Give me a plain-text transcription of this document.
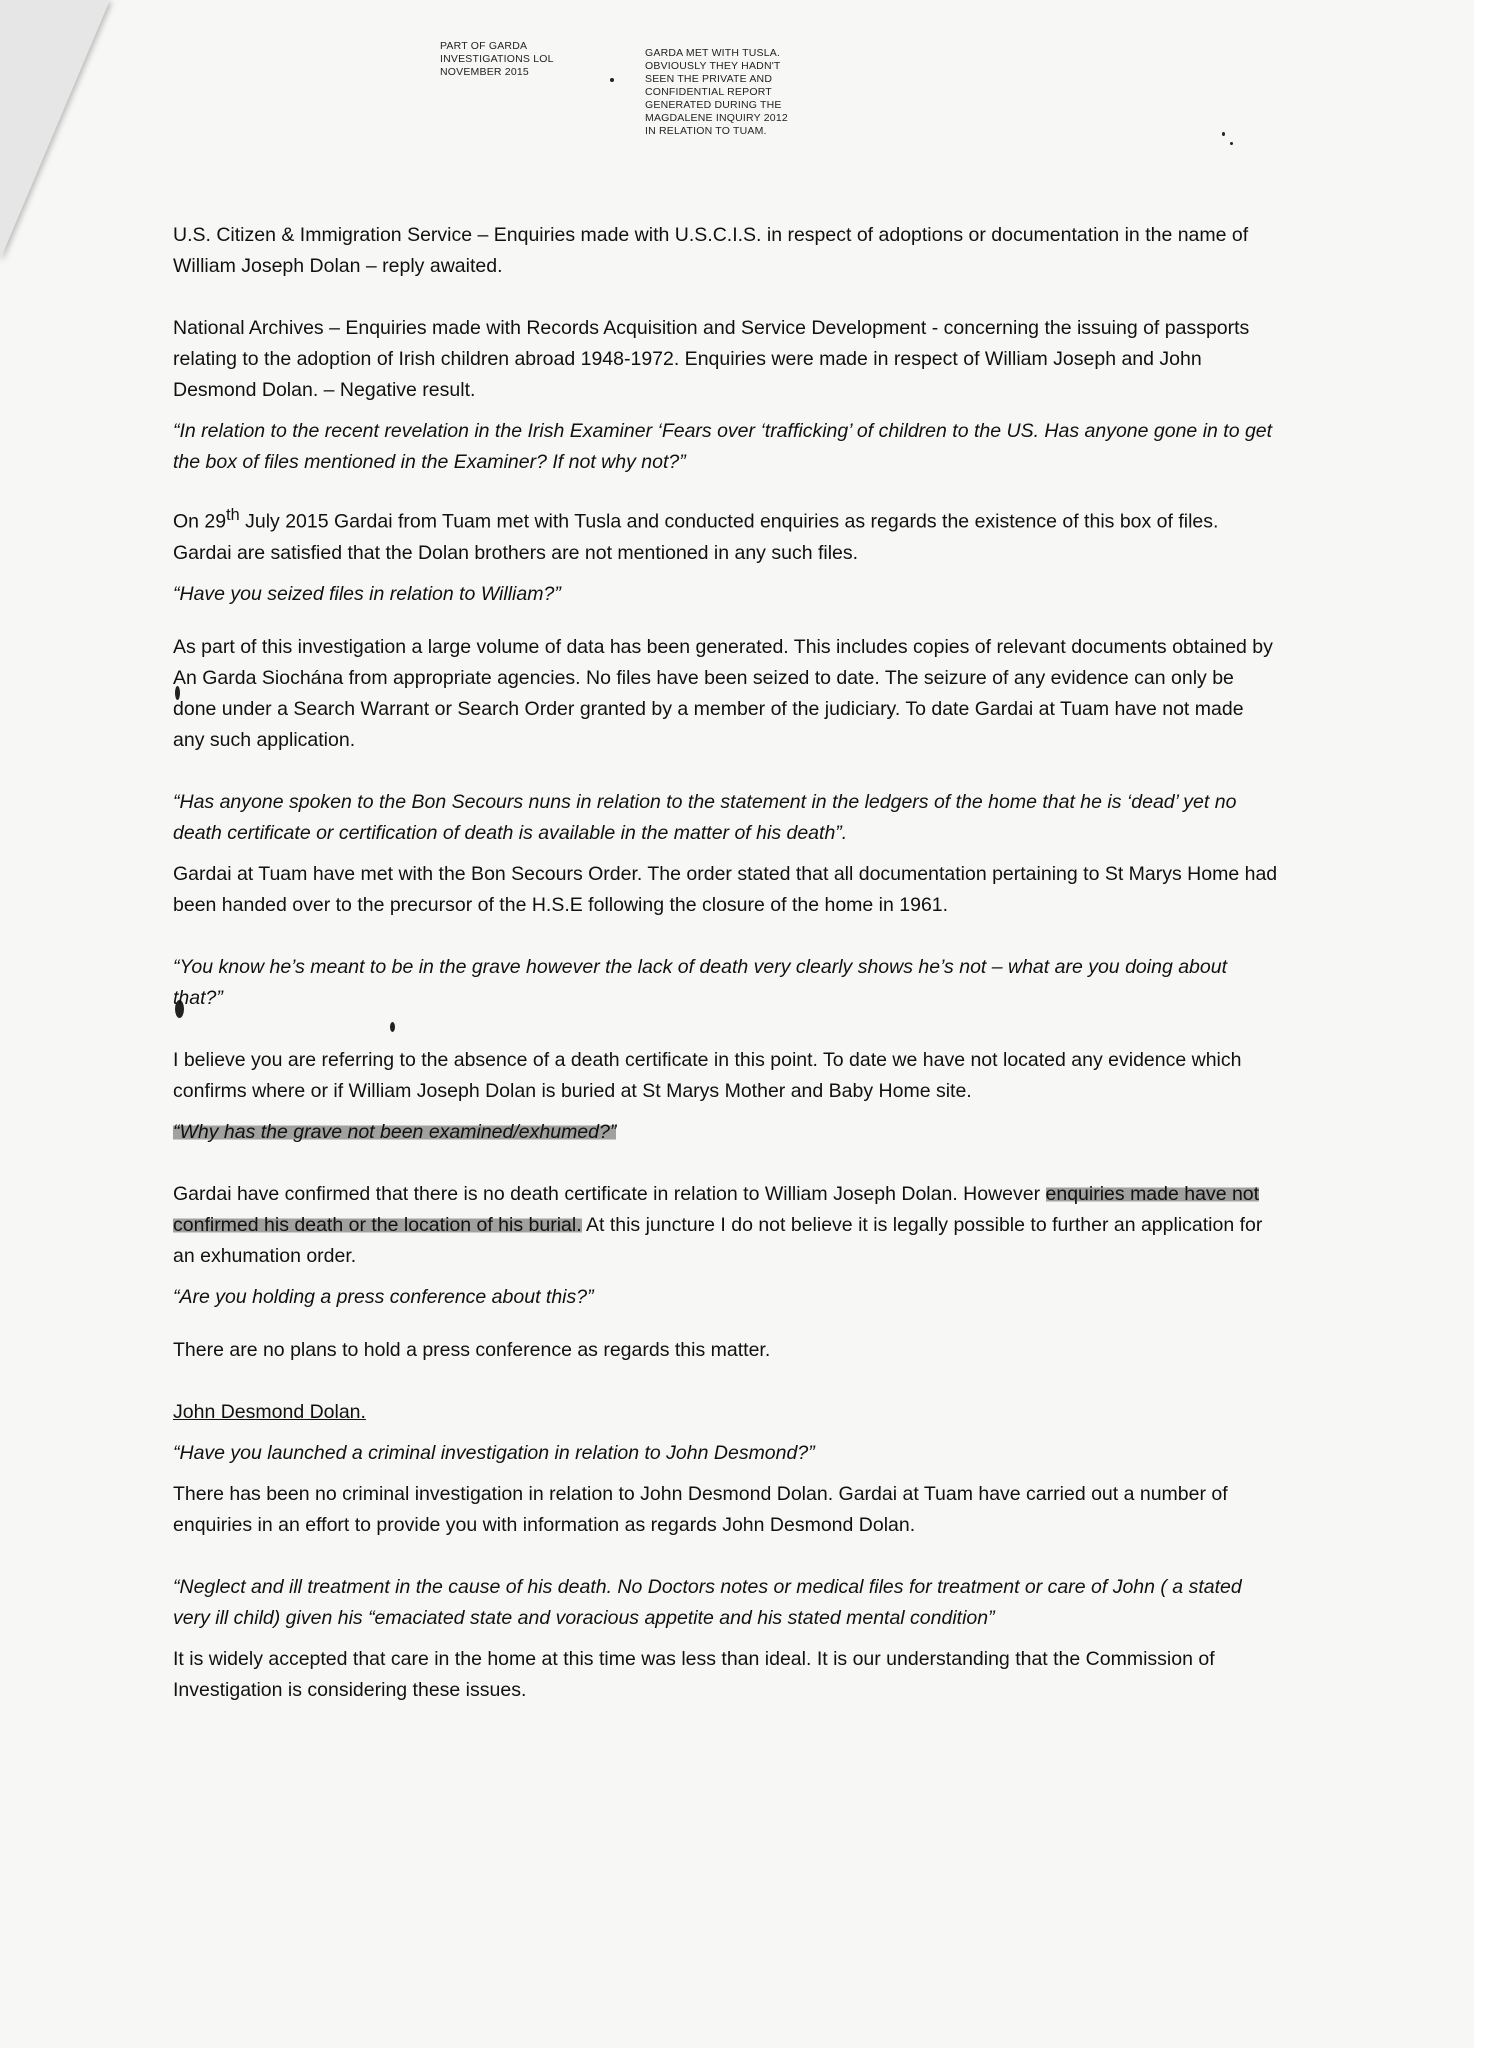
PART OF GARDA INVESTIGATIONS LOL NOVEMBER 2015
GARDA MET WITH TUSLA. OBVIOUSLY THEY HADN'T SEEN THE PRIVATE AND CONFIDENTIAL REPORT GENERATED DURING THE MAGDALENE INQUIRY 2012 IN RELATION TO TUAM.

U.S. Citizen & Immigration Service – Enquiries made with U.S.C.I.S. in respect of adoptions or documentation in the name of William Joseph Dolan – reply awaited.

National Archives – Enquiries made with Records Acquisition and Service Development - concerning the issuing of passports relating to the adoption of Irish children abroad 1948-1972. Enquiries were made in respect of William Joseph and John Desmond Dolan. – Negative result.

“In relation to the recent revelation in the Irish Examiner ‘Fears over ‘trafficking’ of children to the US. Has anyone gone in to get the box of files mentioned in the Examiner? If not why not?”

On 29th July 2015 Gardai from Tuam met with Tusla and conducted enquiries as regards the existence of this box of files. Gardai are satisfied that the Dolan brothers are not mentioned in any such files.

“Have you seized files in relation to William?”

As part of this investigation a large volume of data has been generated. This includes copies of relevant documents obtained by An Garda Siochána from appropriate agencies. No files have been seized to date. The seizure of any evidence can only be done under a Search Warrant or Search Order granted by a member of the judiciary. To date Gardai at Tuam have not made any such application.

“Has anyone spoken to the Bon Secours nuns in relation to the statement in the ledgers of the home that he is ‘dead’ yet no death certificate or certification of death is available in the matter of his death”.

Gardai at Tuam have met with the Bon Secours Order. The order stated that all documentation pertaining to St Marys Home had been handed over to the precursor of the H.S.E following the closure of the home in 1961.

“You know he’s meant to be in the grave however the lack of death very clearly shows he’s not – what are you doing about that?”

I believe you are referring to the absence of a death certificate in this point. To date we have not located any evidence which confirms where or if William Joseph Dolan is buried at St Marys Mother and Baby Home site.

“Why has the grave not been examined/exhumed?”

Gardai have confirmed that there is no death certificate in relation to William Joseph Dolan. However enquiries made have not confirmed his death or the location of his burial. At this juncture I do not believe it is legally possible to further an application for an exhumation order.

“Are you holding a press conference about this?”

There are no plans to hold a press conference as regards this matter.

John Desmond Dolan.

“Have you launched a criminal investigation in relation to John Desmond?”

There has been no criminal investigation in relation to John Desmond Dolan. Gardai at Tuam have carried out a number of enquiries in an effort to provide you with information as regards John Desmond Dolan.

“Neglect and ill treatment in the cause of his death. No Doctors notes or medical files for treatment or care of John ( a stated very ill child) given his “emaciated state and voracious appetite and his stated mental condition”

It is widely accepted that care in the home at this time was less than ideal. It is our understanding that the Commission of Investigation is considering these issues.
